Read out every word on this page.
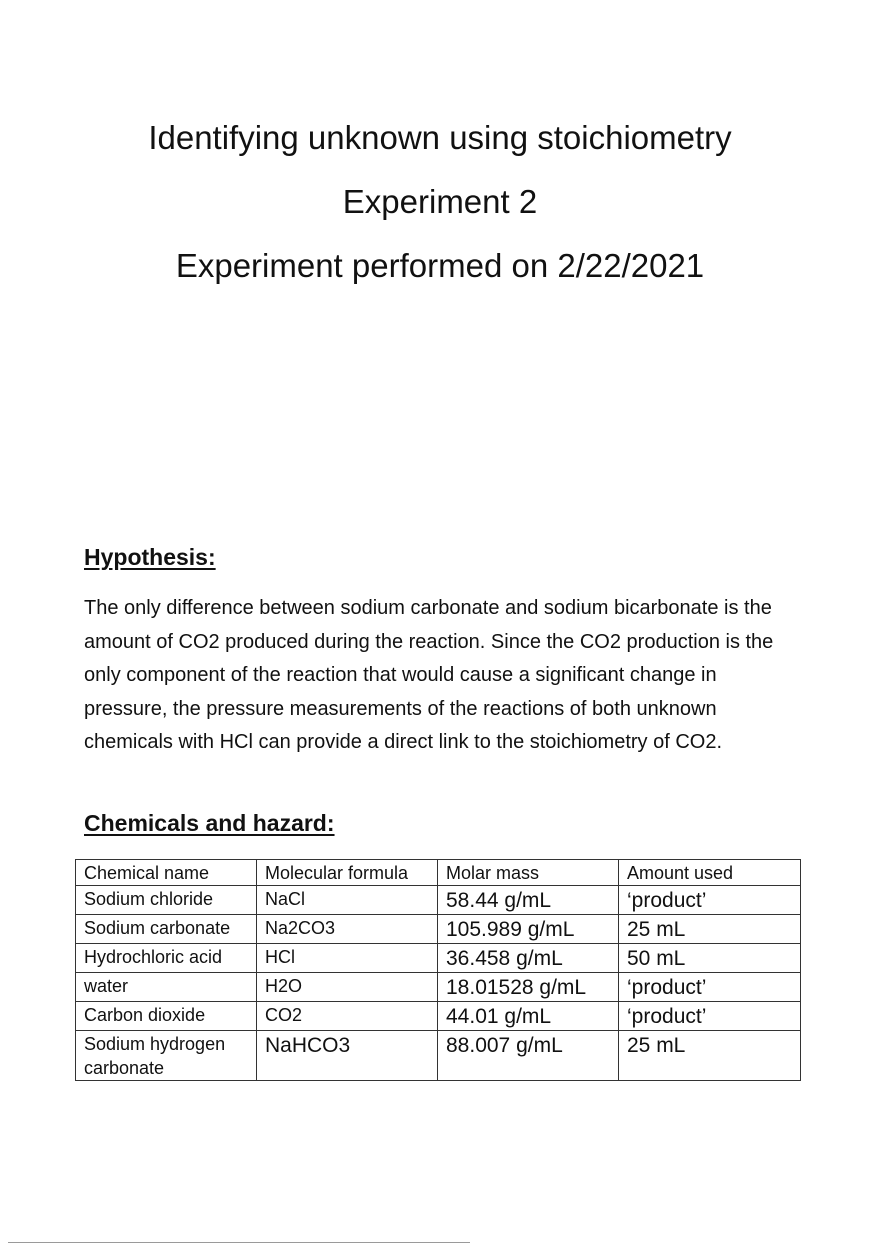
Identifying unknown using stoichiometry

Experiment 2

Experiment performed on 2/22/2021

Hypothesis:

The only difference between sodium carbonate and sodium bicarbonate is the amount of CO2 produced during the reaction. Since the CO2 production is the only component of the reaction that would cause a significant change in pressure, the pressure measurements of the reactions of both unknown chemicals with HCl can provide a direct link to the stoichiometry of CO2.

Chemicals and hazard:
Chemical name	Molecular formula	Molar mass	Amount used
Sodium chloride	NaCl	58.44 g/mL	‘product’
Sodium carbonate	Na2CO3	105.989 g/mL	25 mL
Hydrochloric acid	HCl	36.458 g/mL	50 mL
water	H2O	18.01528 g/mL	‘product’
Carbon dioxide	CO2	44.01 g/mL	‘product’
Sodium hydrogen carbonate	NaHCO3	88.007 g/mL	25 mL
